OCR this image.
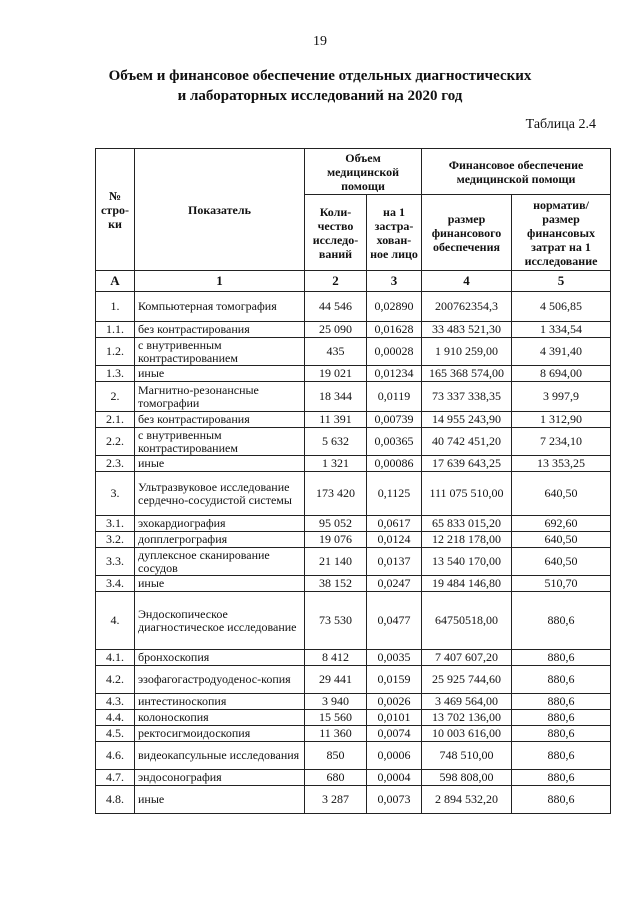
19
Объем и финансовое обеспечение отдельных диагностических
и лабораторных исследований на 2020 год
Таблица 2.4
№ стро-ки	Показатель	Объем медицинской помощи		Финансовое обеспечение медицинской помощи	
		Коли-чество исследо-ваний	на 1 застра-хован-ное лицо	размер финансового обеспечения	норматив/ размер финансовых затрат на 1 исследование
А	1	2	3	4	5
1.	Компьютерная томография	44 546	0,02890	200762354,3	4 506,85
1.1.	без контрастирования	25 090	0,01628	33 483 521,30	1 334,54
1.2.	с внутривенным контрастированием	435	0,00028	1 910 259,00	4 391,40
1.3.	иные	19 021	0,01234	165 368 574,00	8 694,00
2.	Магнитно-резонансные томографии	18 344	0,0119	73 337 338,35	3 997,9
2.1.	без контрастирования	11 391	0,00739	14 955 243,90	1 312,90
2.2.	с внутривенным контрастированием	5 632	0,00365	40 742 451,20	7 234,10
2.3.	иные	1 321	0,00086	17 639 643,25	13 353,25
3.	Ультразвуковое исследование сердечно-сосудистой системы	173 420	0,1125	111 075 510,00	640,50
3.1.	эхокардиография	95 052	0,0617	65 833 015,20	692,60
3.2.	допплегрография	19 076	0,0124	12 218 178,00	640,50
3.3.	дуплексное сканирование сосудов	21 140	0,0137	13 540 170,00	640,50
3.4.	иные	38 152	0,0247	19 484 146,80	510,70
4.	Эндоскопическое диагностическое исследование	73 530	0,0477	64750518,00	880,6
4.1.	бронхоскопия	8 412	0,0035	7 407 607,20	880,6
4.2.	эзофагогастродуоденос-копия	29 441	0,0159	25 925 744,60	880,6
4.3.	интестиноскопия	3 940	0,0026	3 469 564,00	880,6
4.4.	колоноскопия	15 560	0,0101	13 702 136,00	880,6
4.5.	ректосигмоидоскопия	11 360	0,0074	10 003 616,00	880,6
4.6.	видеокапсульные исследования	850	0,0006	748 510,00	880,6
4.7.	эндосонография	680	0,0004	598 808,00	880,6
4.8.	иные	3 287	0,0073	2 894 532,20	880,6
